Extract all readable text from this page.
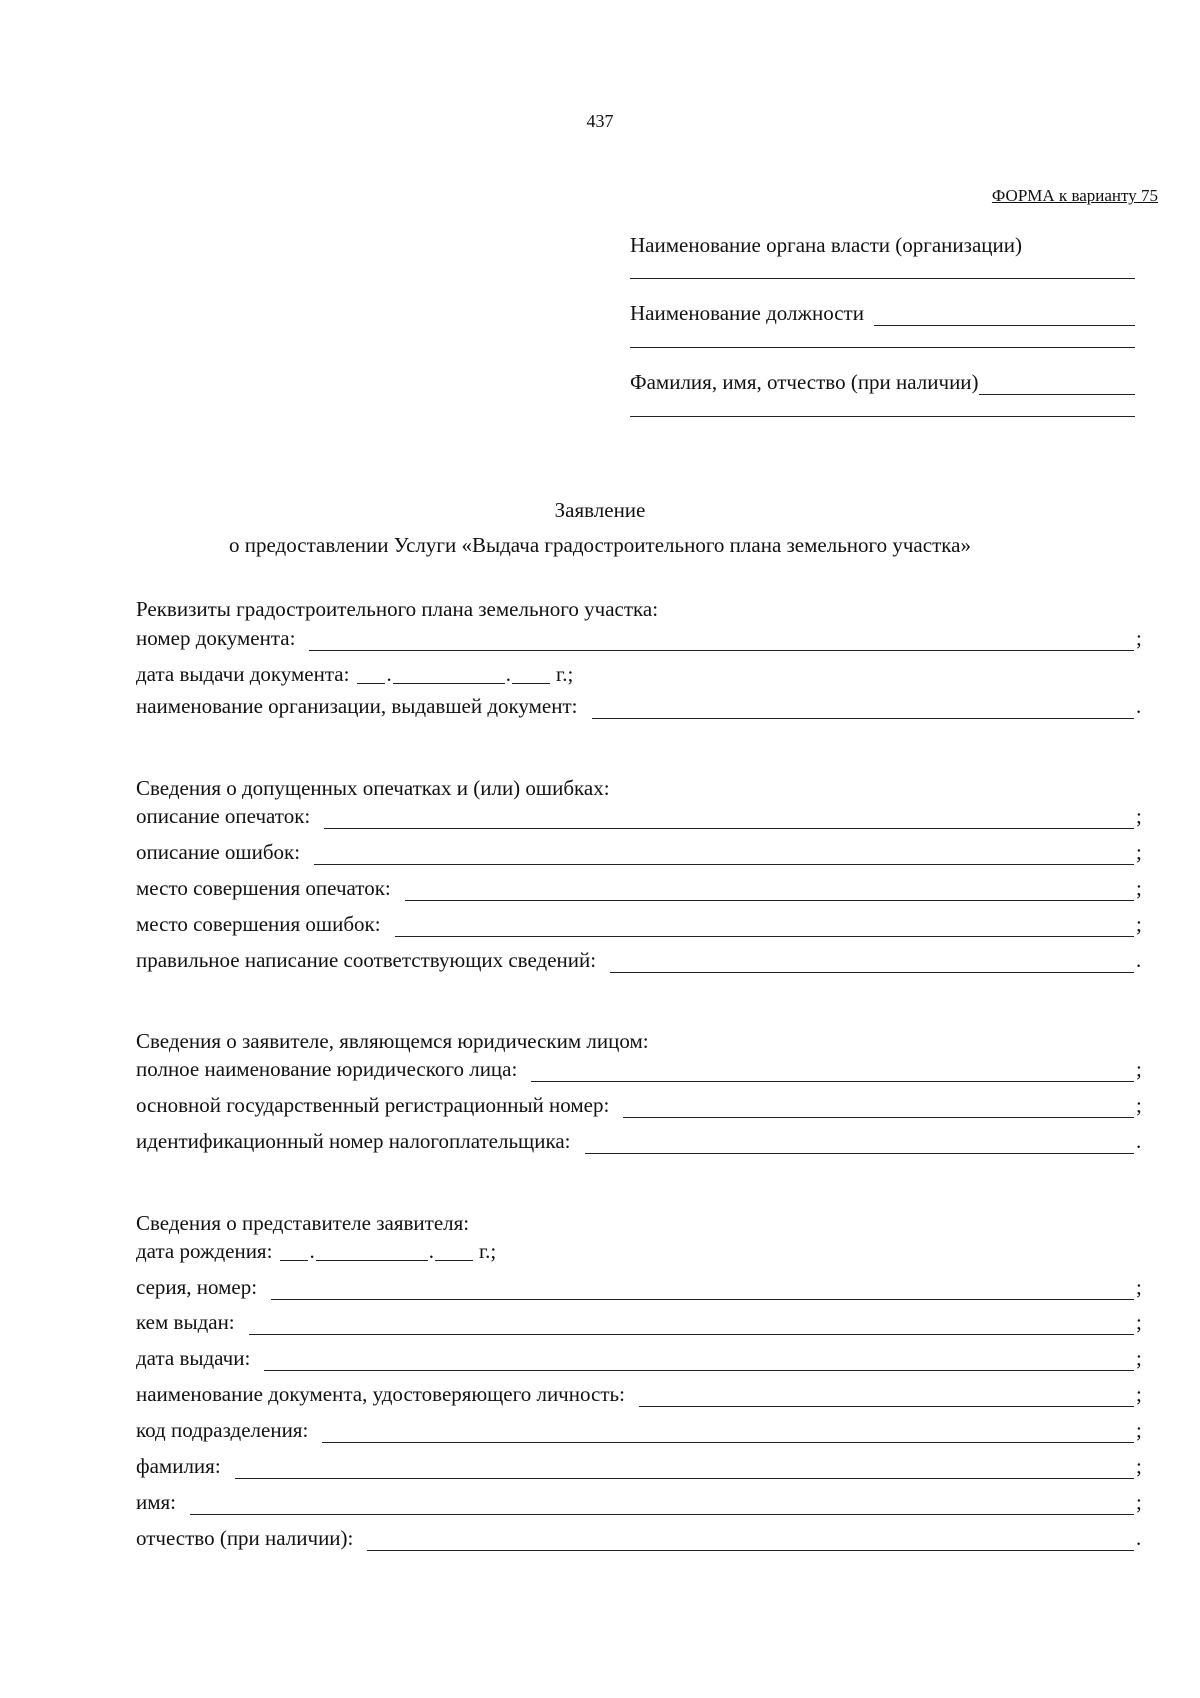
437
ФОРМА к варианту 75
Наименование органа власти (организации)
Наименование должности
Фамилия, имя, отчество (при наличии)
Заявление
о предоставлении Услуги «Выдача градостроительного плана земельного участка»
Реквизиты градостроительного плана земельного участка:
номер документа:	;
дата выдачи документа: .	. г.;
наименование организации, выдавшей документ:	.
Сведения о допущенных опечатках и (или) ошибках:
описание опечаток:	;
описание ошибок:	;
место совершения опечаток:	;
место совершения ошибок:	;
правильное написание соответствующих сведений:	.
Сведения о заявителе, являющемся юридическим лицом:
полное наименование юридического лица:	;
основной государственный регистрационный номер:	;
идентификационный номер налогоплательщика:	.
Сведения о представителе заявителя:
дата рождения: .	. г.;
серия, номер:	;
кем выдан:	;
дата выдачи:	;
наименование документа, удостоверяющего личность:	;
код подразделения:	;
фамилия:	;
имя:	;
отчество (при наличии):	.
